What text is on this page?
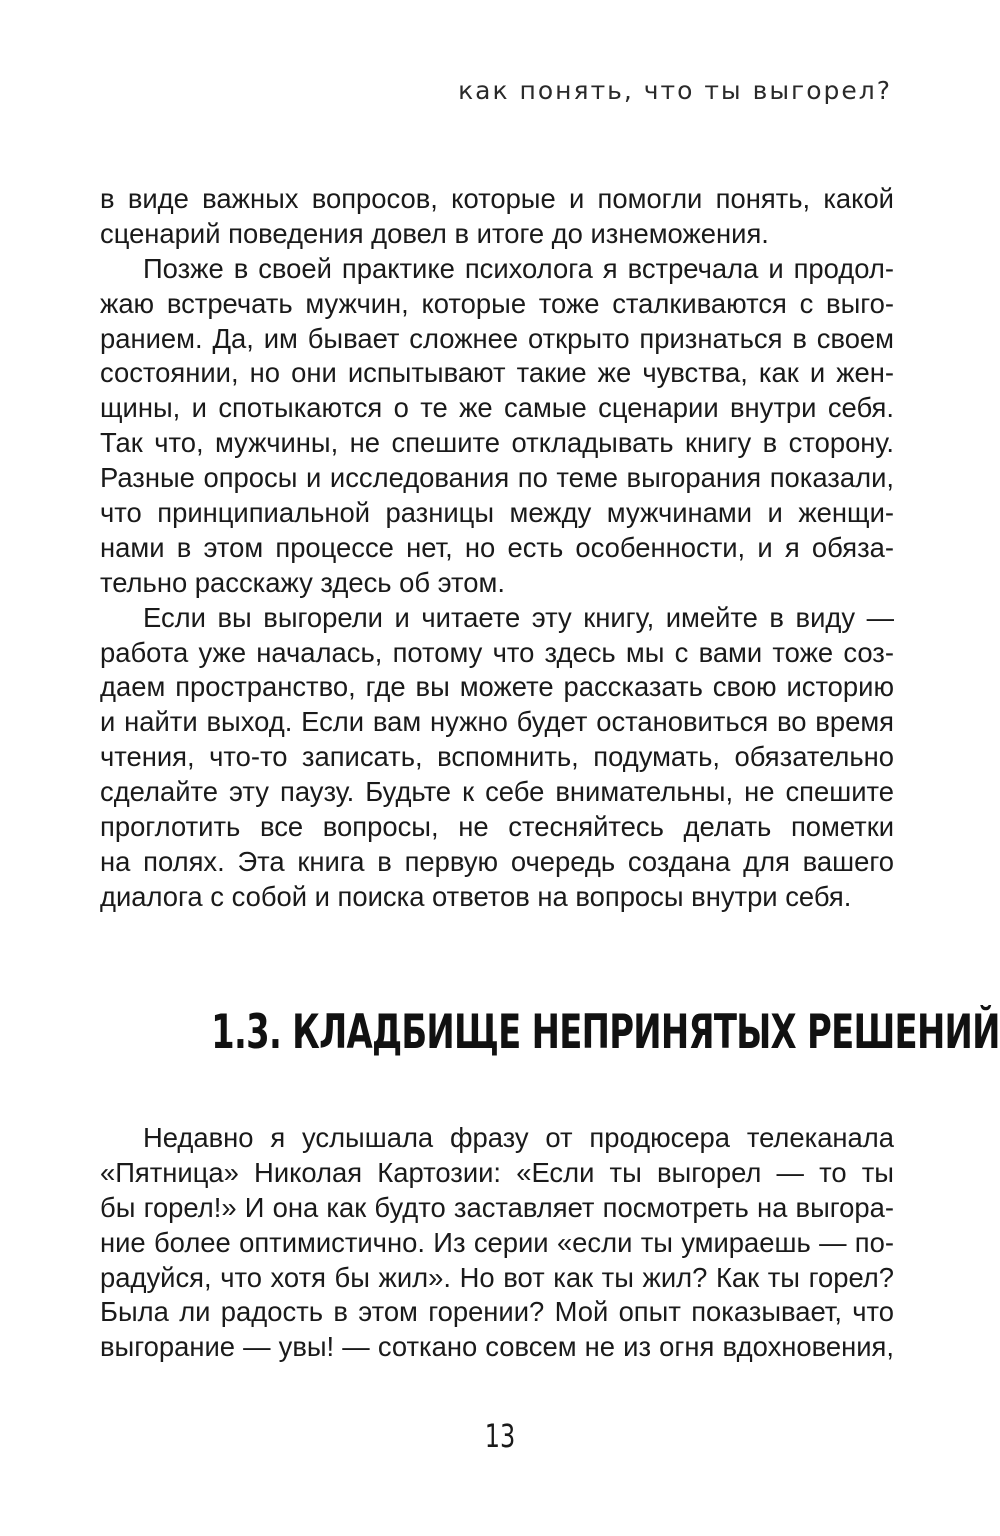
как понять, что ты выгорел?
в виде важных вопросов, которые и помогли понять, какой
сценарий поведения довел в итоге до изнеможения.
Позже в своей практике психолога я встречала и продол-
жаю встречать мужчин, которые тоже сталкиваются с выго-
ранием. Да, им бывает сложнее открыто признаться в своем
состоянии, но они испытывают такие же чувства, как и жен-
щины, и спотыкаются о те же самые сценарии внутри себя.
Так что, мужчины, не спешите откладывать книгу в сторону.
Разные опросы и исследования по теме выгорания показали,
что принципиальной разницы между мужчинами и женщи-
нами в этом процессе нет, но есть особенности, и я обяза-
тельно расскажу здесь об этом.
Если вы выгорели и читаете эту книгу, имейте в виду —
работа уже началась, потому что здесь мы с вами тоже соз-
даем пространство, где вы можете рассказать свою историю
и найти выход. Если вам нужно будет остановиться во время
чтения, что-то записать, вспомнить, подумать, обязательно
сделайте эту паузу. Будьте к себе внимательны, не спешите
проглотить все вопросы, не стесняйтесь делать пометки
на полях. Эта книга в первую очередь создана для вашего
диалога с собой и поиска ответов на вопросы внутри себя.
1.3. КЛАДБИЩЕ НЕПРИНЯТЫХ РЕШЕНИЙ
Недавно я услышала фразу от продюсера телеканала
«Пятница» Николая Картозии: «Если ты выгорел — то ты
бы горел!» И она как будто заставляет посмотреть на выгора-
ние более оптимистично. Из серии «если ты умираешь — по-
радуйся, что хотя бы жил». Но вот как ты жил? Как ты горел?
Была ли радость в этом горении? Мой опыт показывает, что
выгорание — увы! — соткано совсем не из огня вдохновения,
13
